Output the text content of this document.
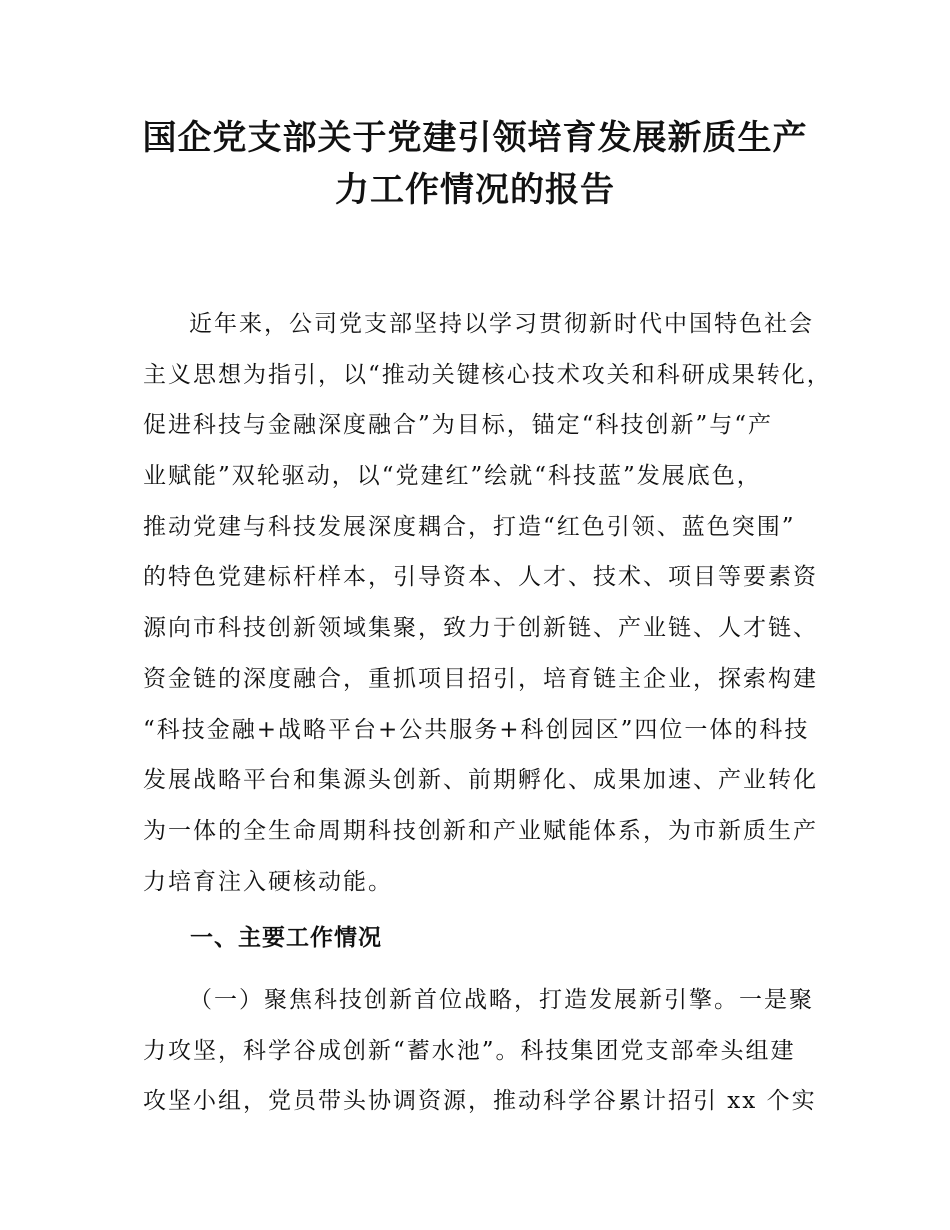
国企党支部关于党建引领培育发展新质生产
力工作情况的报告
近年来，公司党支部坚持以学习贯彻新时代中国特色社会
主义思想为指引，以“推动关键核心技术攻关和科研成果转化，
促进科技与金融深度融合”为目标，锚定“科技创新”与“产
业赋能”双轮驱动，以“党建红”绘就“科技蓝”发展底色，
推动党建与科技发展深度耦合，打造“红色引领、蓝色突围”
的特色党建标杆样本，引导资本、人才、技术、项目等要素资
源向市科技创新领域集聚，致力于创新链、产业链、人才链、
资金链的深度融合，重抓项目招引，培育链主企业，探索构建
“科技金融+战略平台+公共服务+科创园区”四位一体的科技
发展战略平台和集源头创新、前期孵化、成果加速、产业转化
为一体的全生命周期科技创新和产业赋能体系，为市新质生产
力培育注入硬核动能。
一、主要工作情况
（一）聚焦科技创新首位战略，打造发展新引擎。一是聚
力攻坚，科学谷成创新“蓄水池”。科技集团党支部牵头组建
攻坚小组，党员带头协调资源，推动科学谷累计招引 xx 个实
